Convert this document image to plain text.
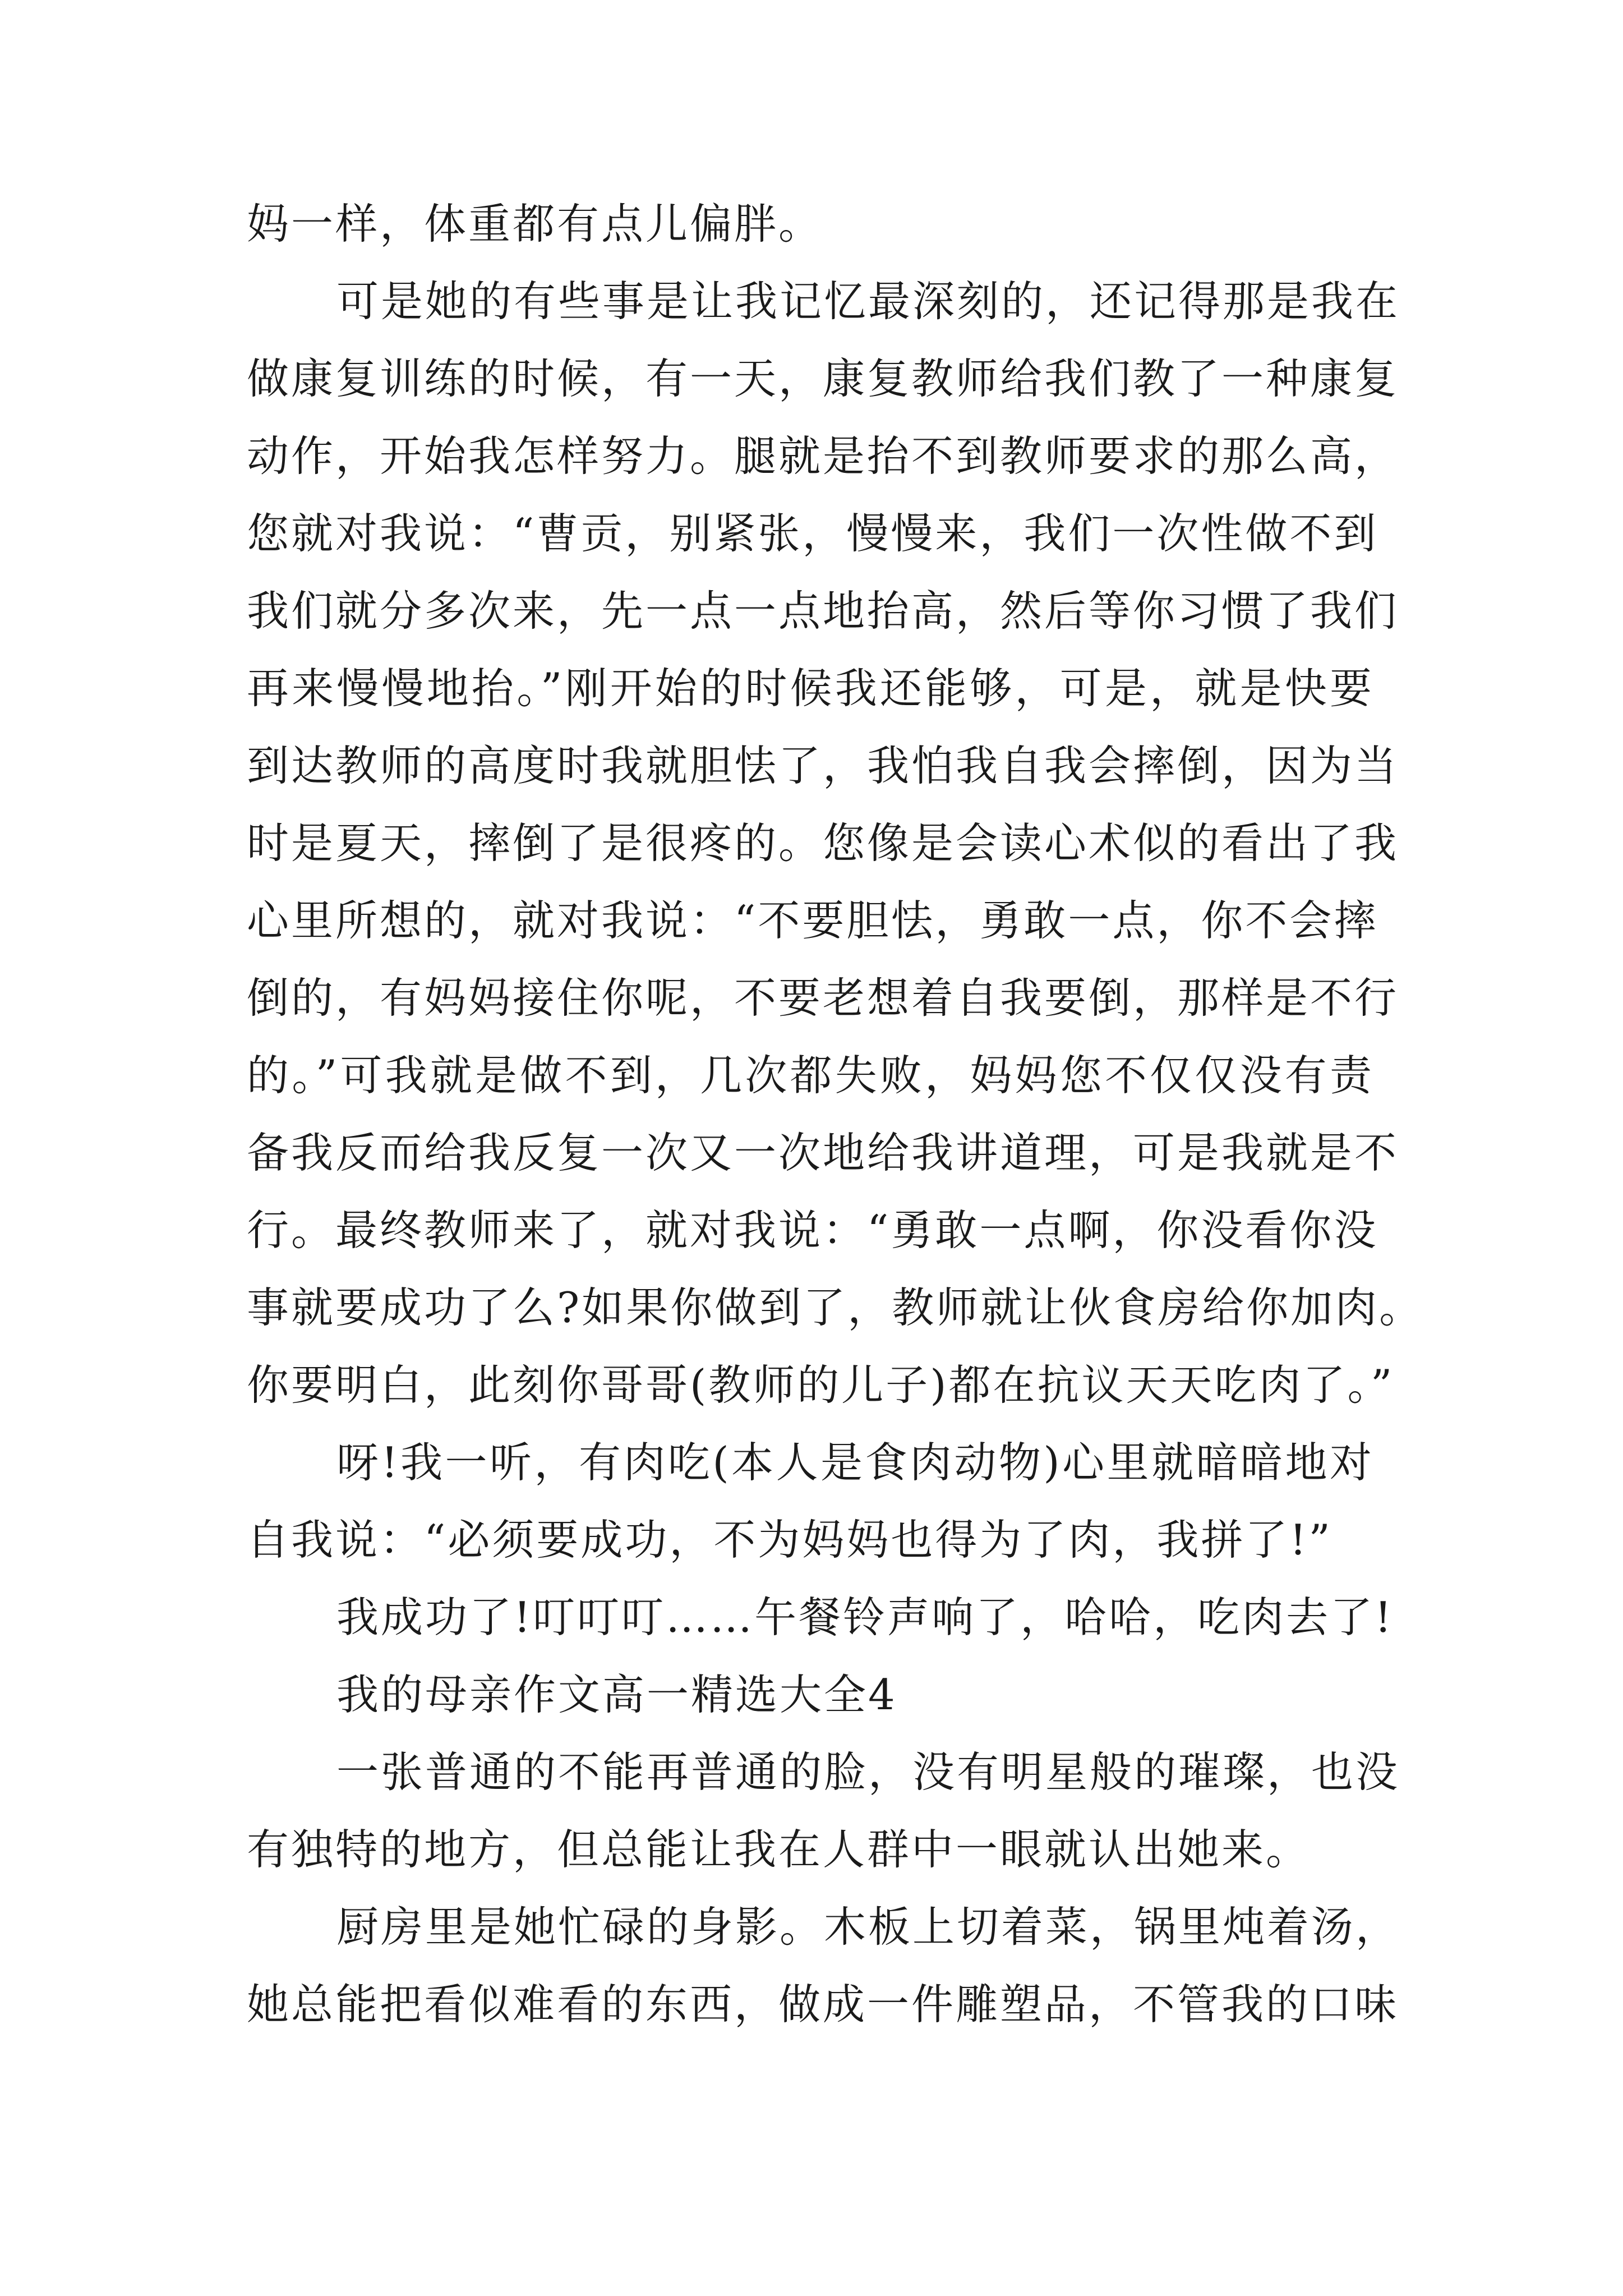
妈一样，体重都有点儿偏胖。
可是她的有些事是让我记忆最深刻的，还记得那是我在
做康复训练的时候，有一天，康复教师给我们教了一种康复
动作，开始我怎样努力。腿就是抬不到教师要求的那么高，
您就对我说：“曹贡，别紧张，慢慢来，我们一次性做不到
我们就分多次来，先一点一点地抬高，然后等你习惯了我们
再来慢慢地抬。”刚开始的时候我还能够，可是，就是快要
到达教师的高度时我就胆怯了，我怕我自我会摔倒，因为当
时是夏天，摔倒了是很疼的。您像是会读心术似的看出了我
心里所想的，就对我说：“不要胆怯，勇敢一点，你不会摔
倒的，有妈妈接住你呢，不要老想着自我要倒，那样是不行
的。”可我就是做不到，几次都失败，妈妈您不仅仅没有责
备我反而给我反复一次又一次地给我讲道理，可是我就是不
行。最终教师来了，就对我说：“勇敢一点啊，你没看你没
事就要成功了么?如果你做到了，教师就让伙食房给你加肉。
你要明白，此刻你哥哥(教师的儿子)都在抗议天天吃肉了。”
呀!我一听，有肉吃(本人是食肉动物)心里就暗暗地对
自我说：“必须要成功，不为妈妈也得为了肉，我拼了!”
我成功了!叮叮叮……午餐铃声响了，哈哈，吃肉去了!
我的母亲作文高一精选大全4
一张普通的不能再普通的脸，没有明星般的璀璨，也没
有独特的地方，但总能让我在人群中一眼就认出她来。
厨房里是她忙碌的身影。木板上切着菜，锅里炖着汤，
她总能把看似难看的东西，做成一件雕塑品，不管我的口味
